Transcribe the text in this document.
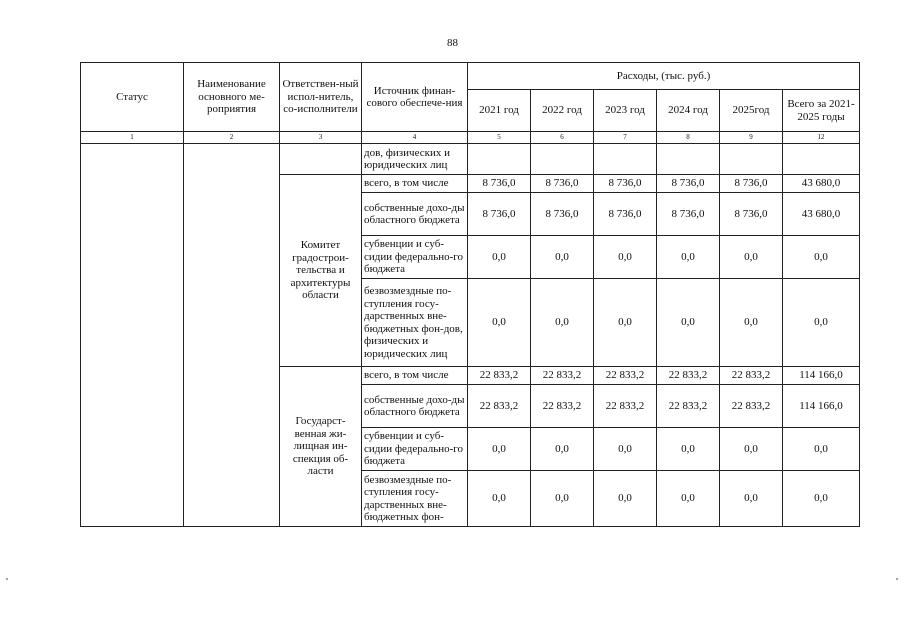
88
Статус	Наименование основного ме-роприятия	Ответствен-ный испол-нитель, со-исполнители	Источник финан-сового обеспече-ния	Расходы, (тыс. руб.)					
				2021 год	2022 год	2023 год	2024 год	2025год	Всего за 2021-2025 годы
1	2	3	4	5	6	7	8	9	12
			дов, физических и юридических лиц						
		Комитет градострои-тельства и архитектуры области	всего, в том числе	8 736,0	8 736,0	8 736,0	8 736,0	8 736,0	43 680,0
			собственные дохо-ды областного бюджета	8 736,0	8 736,0	8 736,0	8 736,0	8 736,0	43 680,0
			субвенции и суб-сидии федерально-го бюджета	0,0	0,0	0,0	0,0	0,0	0,0
			безвозмездные по-ступления госу-дарственных вне-бюджетных фон-дов, физических и юридических лиц	0,0	0,0	0,0	0,0	0,0	0,0
		Государст-венная жи-лищная ин-спекция об-ласти	всего, в том числе	22 833,2	22 833,2	22 833,2	22 833,2	22 833,2	114 166,0
			собственные дохо-ды областного бюджета	22 833,2	22 833,2	22 833,2	22 833,2	22 833,2	114 166,0
			субвенции и суб-сидии федерально-го бюджета	0,0	0,0	0,0	0,0	0,0	0,0
			безвозмездные по-ступления госу-дарственных вне-бюджетных фон-	0,0	0,0	0,0	0,0	0,0	0,0
